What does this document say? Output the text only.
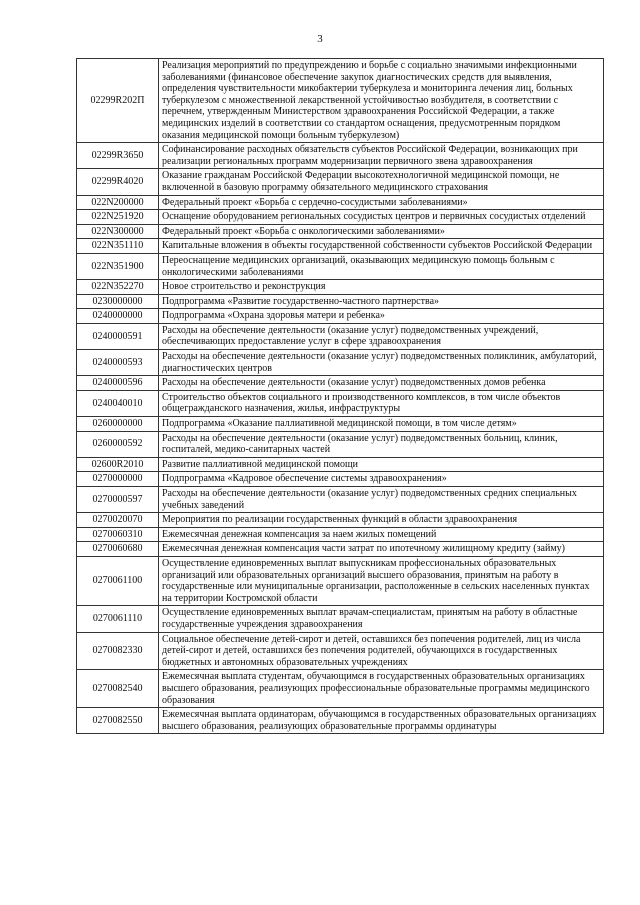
3
02299R202П	Реализация мероприятий по предупреждению и борьбе с социально значимыми инфекционными заболеваниями (финансовое обеспечение закупок диагностических средств для выявления, определения чувствительности микобактерии туберкулеза и мониторинга лечения лиц, больных туберкулезом с множественной лекарственной устойчивостью возбудителя, в соответствии с перечнем, утвержденным Министерством здравоохранения Российской Федерации, а также медицинских изделий в соответствии со стандартом оснащения, предусмотренным порядком оказания медицинской помощи больным туберкулезом)
02299R3650	Софинансирование расходных обязательств субъектов Российской Федерации, возникающих при реализации региональных программ модернизации первичного звена здравоохранения
02299R4020	Оказание гражданам Российской Федерации высокотехнологичной медицинской помощи, не включенной в базовую программу обязательного медицинского страхования
022N200000	Федеральный проект «Борьба с сердечно-сосудистыми заболеваниями»
022N251920	Оснащение оборудованием региональных сосудистых центров и первичных сосудистых отделений
022N300000	Федеральный проект «Борьба с онкологическими заболеваниями»
022N351110	Капитальные вложения в объекты государственной собственности субъектов Российской Федерации
022N351900	Переоснащение медицинских организаций, оказывающих медицинскую помощь больным с онкологическими заболеваниями
022N352270	Новое строительство и реконструкция
0230000000	Подпрограмма «Развитие государственно-частного партнерства»
0240000000	Подпрограмма «Охрана здоровья матери и ребенка»
0240000591	Расходы на обеспечение деятельности (оказание услуг) подведомственных учреждений, обеспечивающих предоставление услуг в сфере здравоохранения
0240000593	Расходы на обеспечение деятельности (оказание услуг) подведомственных поликлиник, амбулаторий, диагностических центров
0240000596	Расходы на обеспечение деятельности (оказание услуг) подведомственных домов ребенка
0240040010	Строительство объектов социального и производственного комплексов, в том числе объектов общегражданского назначения, жилья, инфраструктуры
0260000000	Подпрограмма «Оказание паллиативной медицинской помощи, в том числе детям»
0260000592	Расходы на обеспечение деятельности (оказание услуг) подведомственных больниц, клиник, госпиталей, медико-санитарных частей
02600R2010	Развитие паллиативной медицинской помощи
0270000000	Подпрограмма «Кадровое обеспечение системы здравоохранения»
0270000597	Расходы на обеспечение деятельности (оказание услуг) подведомственных средних специальных учебных заведений
0270020070	Мероприятия по реализации государственных функций в области здравоохранения
0270060310	Ежемесячная денежная компенсация за наем жилых помещений
0270060680	Ежемесячная денежная компенсация части затрат по ипотечному жилищному кредиту (займу)
0270061100	Осуществление единовременных выплат выпускникам профессиональных образовательных организаций или образовательных организаций высшего образования, принятым на работу в государственные или муниципальные организации, расположенные в сельских населенных пунктах на территории Костромской области
0270061110	Осуществление единовременных выплат врачам-специалистам, принятым на работу в областные государственные учреждения здравоохранения
0270082330	Социальное обеспечение детей-сирот и детей, оставшихся без попечения родителей, лиц из числа детей-сирот и детей, оставшихся без попечения родителей, обучающихся в государственных бюджетных и автономных образовательных учреждениях
0270082540	Ежемесячная выплата студентам, обучающимся в государственных образовательных организациях высшего образования, реализующих профессиональные образовательные программы медицинского образования
0270082550	Ежемесячная выплата ординаторам, обучающимся в государственных образовательных организациях высшего образования, реализующих образовательные программы ординатуры
